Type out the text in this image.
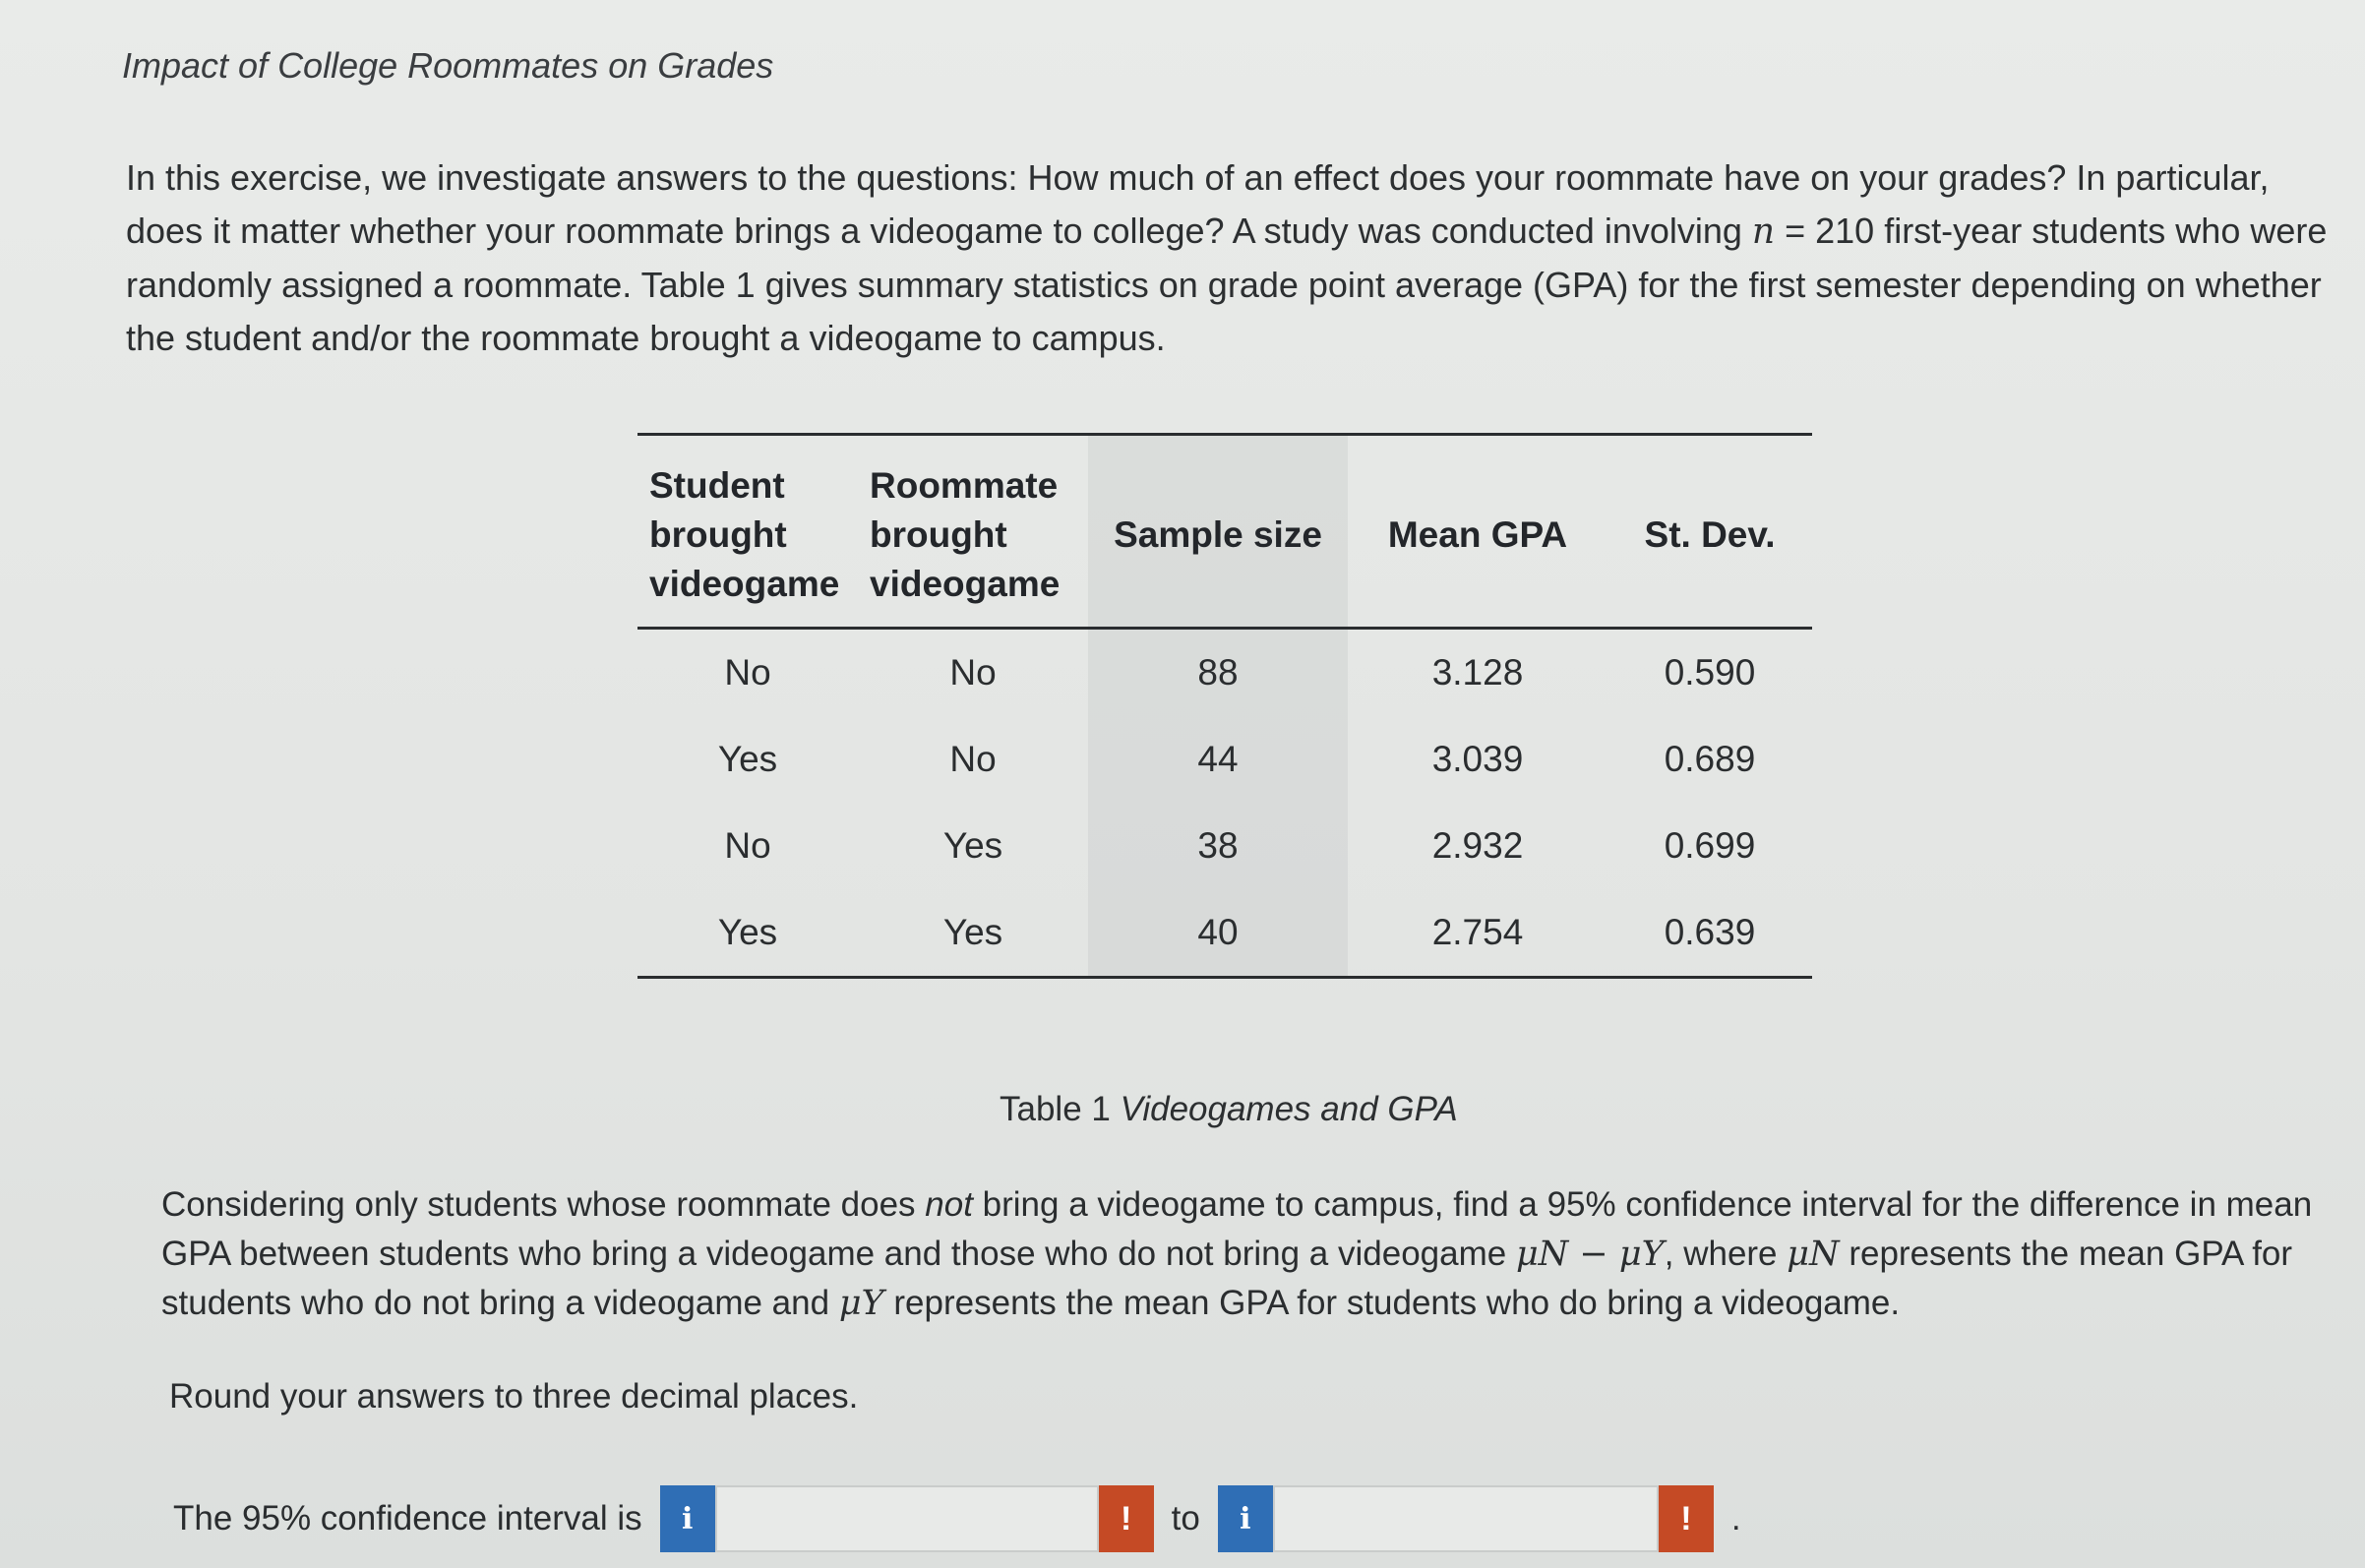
Impact of College Roommates on Grades
In this exercise, we investigate answers to the questions: How much of an effect does your roommate have on your grades? In particular, does it matter whether your roommate brings a videogame to college? A study was conducted involving n = 210 first-year students who were randomly assigned a roommate. Table 1 gives summary statistics on grade point average (GPA) for the first semester depending on whether the student and/or the roommate brought a videogame to campus.
Student brought videogame	Roommate brought videogame	Sample size	Mean GPA	St. Dev.

No	No	88	3.128	0.590
Yes	No	44	3.039	0.689
No	Yes	38	2.932	0.699
Yes	Yes	40	2.754	0.639
Table 1 Videogames and GPA
Considering only students whose roommate does not bring a videogame to campus, find a 95% confidence interval for the difference in mean GPA between students who bring a videogame and those who do not bring a videogame μN − μY, where μN represents the mean GPA for students who do not bring a videogame and μY represents the mean GPA for students who do bring a videogame.
Round your answers to three decimal places.
The 95% confidence interval is	i	!	to	i	!	.
